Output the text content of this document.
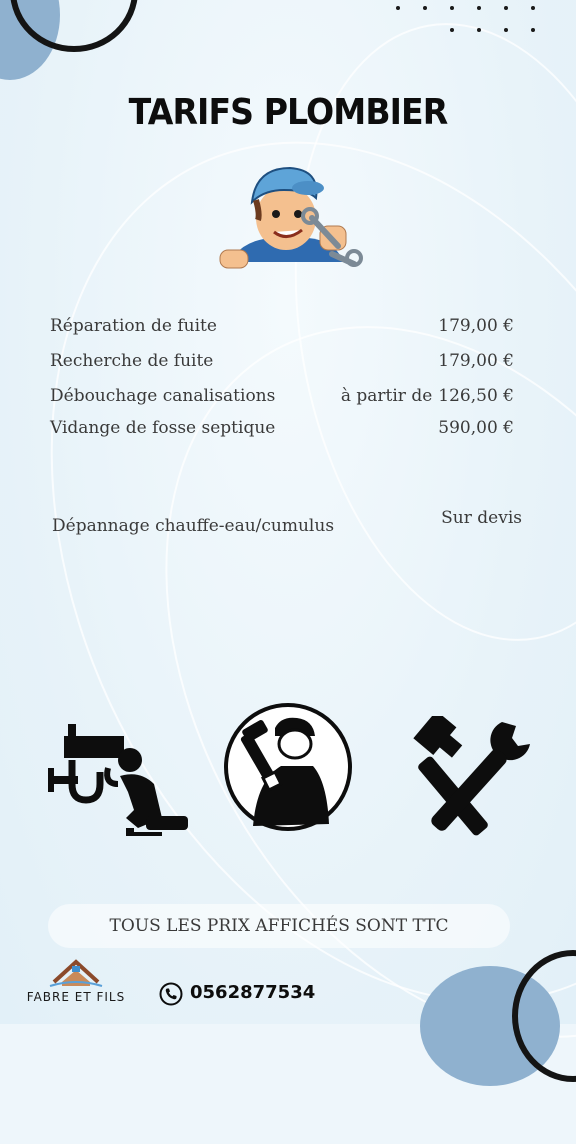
TARIFS PLOMBIER
Réparation de fuite	179,00 €
Recherche de fuite	179,00 €
Débouchage canalisations	à partir de 126,50 €
Vidange de fosse septique	590,00 €
Dépannage chauffe-eau/cumulus	Sur devis
TOUS LES PRIX AFFICHÉS SONT TTC
FABRE ET FILS	0562877534
